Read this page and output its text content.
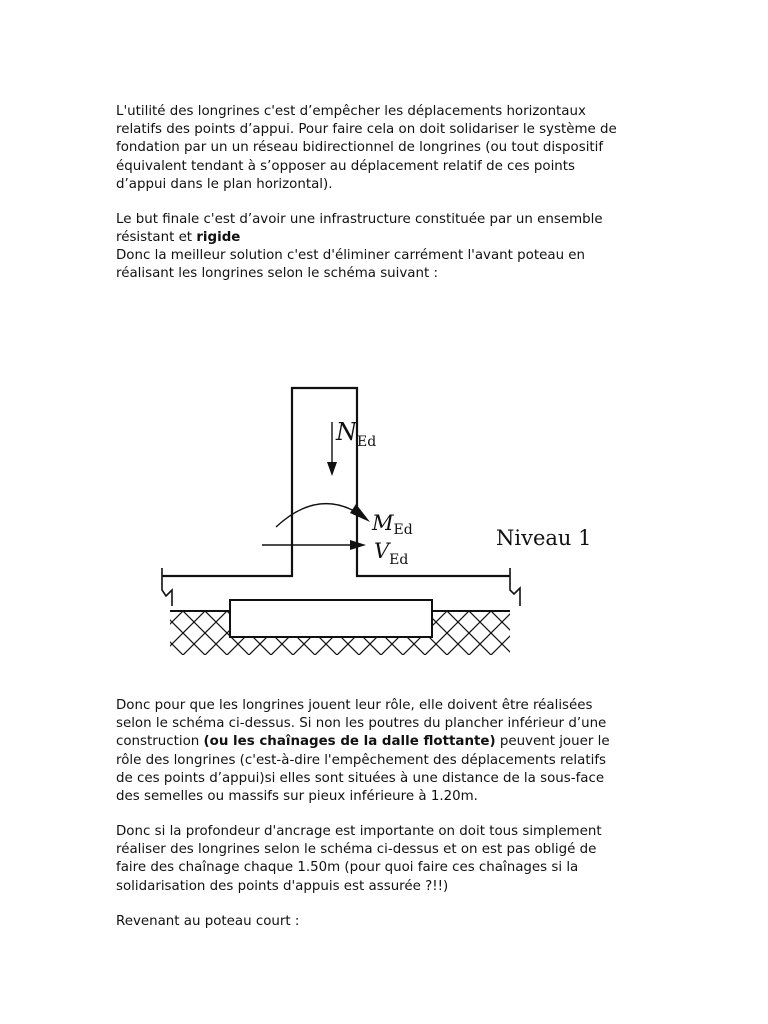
L'utilité des longrines c'est d’empêcher les déplacements horizontaux
relatifs des points d’appui. Pour faire cela on doit solidariser le système de
fondation par un un réseau bidirectionnel de longrines (ou tout dispositif
équivalent tendant à s’opposer au déplacement relatif de ces points
d’appui dans le plan horizontal).

Le but finale c'est d’avoir une infrastructure constituée par un ensemble
résistant et rigide

Donc la meilleur solution c'est d'éliminer carrément l'avant poteau en
réalisant les longrines selon le schéma suivant :

$N_{Ed}$
MEd
$V_{Ed}$
Niveau 1

Donc pour que les longrines jouent leur rôle, elle doivent être réalisées
selon le schéma ci-dessus. Si non les poutres du plancher inférieur d’une
construction (ou les chaînages de la dalle flottante) peuvent jouer le
rôle des longrines (c'est-à-dire l'empêchement des déplacements relatifs
de ces points d’appui)si elles sont situées à une distance de la sous-face
des semelles ou massifs sur pieux inférieure à 1.20m.

Donc si la profondeur d'ancrage est importante on doit tous simplement
réaliser des longrines selon le schéma ci-dessus et on est pas obligé de
faire des chaînage chaque 1.50m (pour quoi faire ces chaînages si la
solidarisation des points d'appuis est assurée ?!!)

Revenant au poteau court :
